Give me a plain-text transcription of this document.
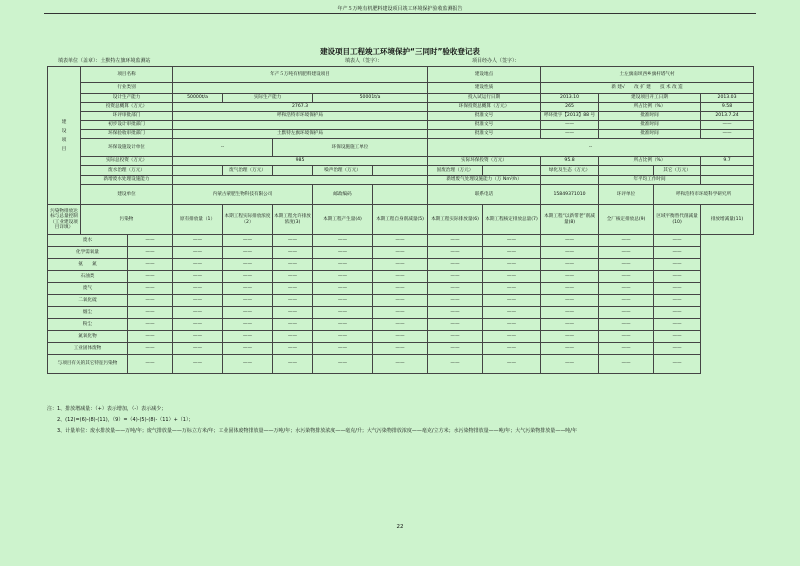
年产５万吨有机肥料建设项目竣工环境保护验收监测报告
建设项目工程竣工环境保护“三同时”验收登记表
填表单位（盖章）：土默特左旗环境监测站	填表人（签字）：	项目经办人（签字）：
建设项目	项目名称		年产５万吨有机肥料建设项目					建设地点		土左旗南坝西乡旗杆塔气村			
	行业类别							建设性质		新 建√　　改 扩 建　　技 术 改 造			
	设计生产能力		50000t/a	实际生产能力		50001t/a		投入试运行日期		2013.10	建设项目开工日期		2013.03
	投资总概算（万元）		2767.3					环保投资总概算（万元）		265	所占比例（%）		9.58
	环评审批部门		呼和浩特市环境保护局					批准文号		呼环批字【2013】88 号	批准时间		2013.7.24
	初步设计审批部门							批准文号		——	批准时间		——
	环保验收审批部门		土默特左旗环境保护局					批准文号		——	批准时间		——
	环保设施设计单位		--		环保设施施工单位			--					
	实际总投资（万元）		985					实际环保投资（万元）		95.8	所占比例（%）		9.7
	废水治理（万元）			废气治理（万元）		噪声治理（万元）		固废治理（万元）		绿化及生态（万元）		其它（万元）	
	新增废水处理设施能力							新增废气处理设施能力（万 Nm³/h）			年平均工作时间		
	建设单位		内蒙古蒙肥生物科技有限公司			邮政编码		联系电话		15849371010	环评单位	呼和浩特市环境科学研究所	
污染物排放达标与总量控制（工业建设项目详填）	污染物		原有排放量（1）	本期工程实际排放浓度（2）	本期工程允许排放浓度(3)	本期工程产生量(4)	本期工程自身削减量(5)	本期工程实际排放量(6)	本期工程核定排放总量(7)	本期工程“以新带老”削减量(8)	全厂核定排放总(9)	区域平衡替代削减量(10)	排放增减量(11)
废水		——	——	——	——	——	——	——	——	——	——	——	
化学需氧量		——	——	——	——	——	——	——	——	——	——	——	
氨　　氮		——	——	——	——	——	——	——	——	——	——	——	
石油类		——	——	——	——	——	——	——	——	——	——	——	
废气		——	——	——	——	——	——	——	——	——	——	——	
二氧化硫		——	——	——	——	——	——	——	——	——	——	——	
烟尘		——	——	——	——	——	——	——	——	——	——	——	
粉尘		——	——	——	——	——	——	——	——	——	——	——	
氮氧化物		——	——	——	——	——	——	——	——	——	——	——	
工业固体废物		——	——	——	——	——	——	——	——	——	——	——	
与项目有关的其它特征污染物		——	——	——	——	——	——	——	——	——	——	——	
注：1、排放增减量：（+）表示增加，（-）表示减少；
　　2、(12)=(6)-(8)-(11)，（9）=（4)-(5)-(8)-（11）+（1）；
　　3、计量单位：废水排放量——万吨/年；废气排放量——万标立方米/年；工业固体废物排放量——万吨/年；水污染物排放浓度——毫克/升；大气污染物排放浓度——毫克/立方米；水污染物排放量——吨/年；大气污染物排放量——吨/年
22
